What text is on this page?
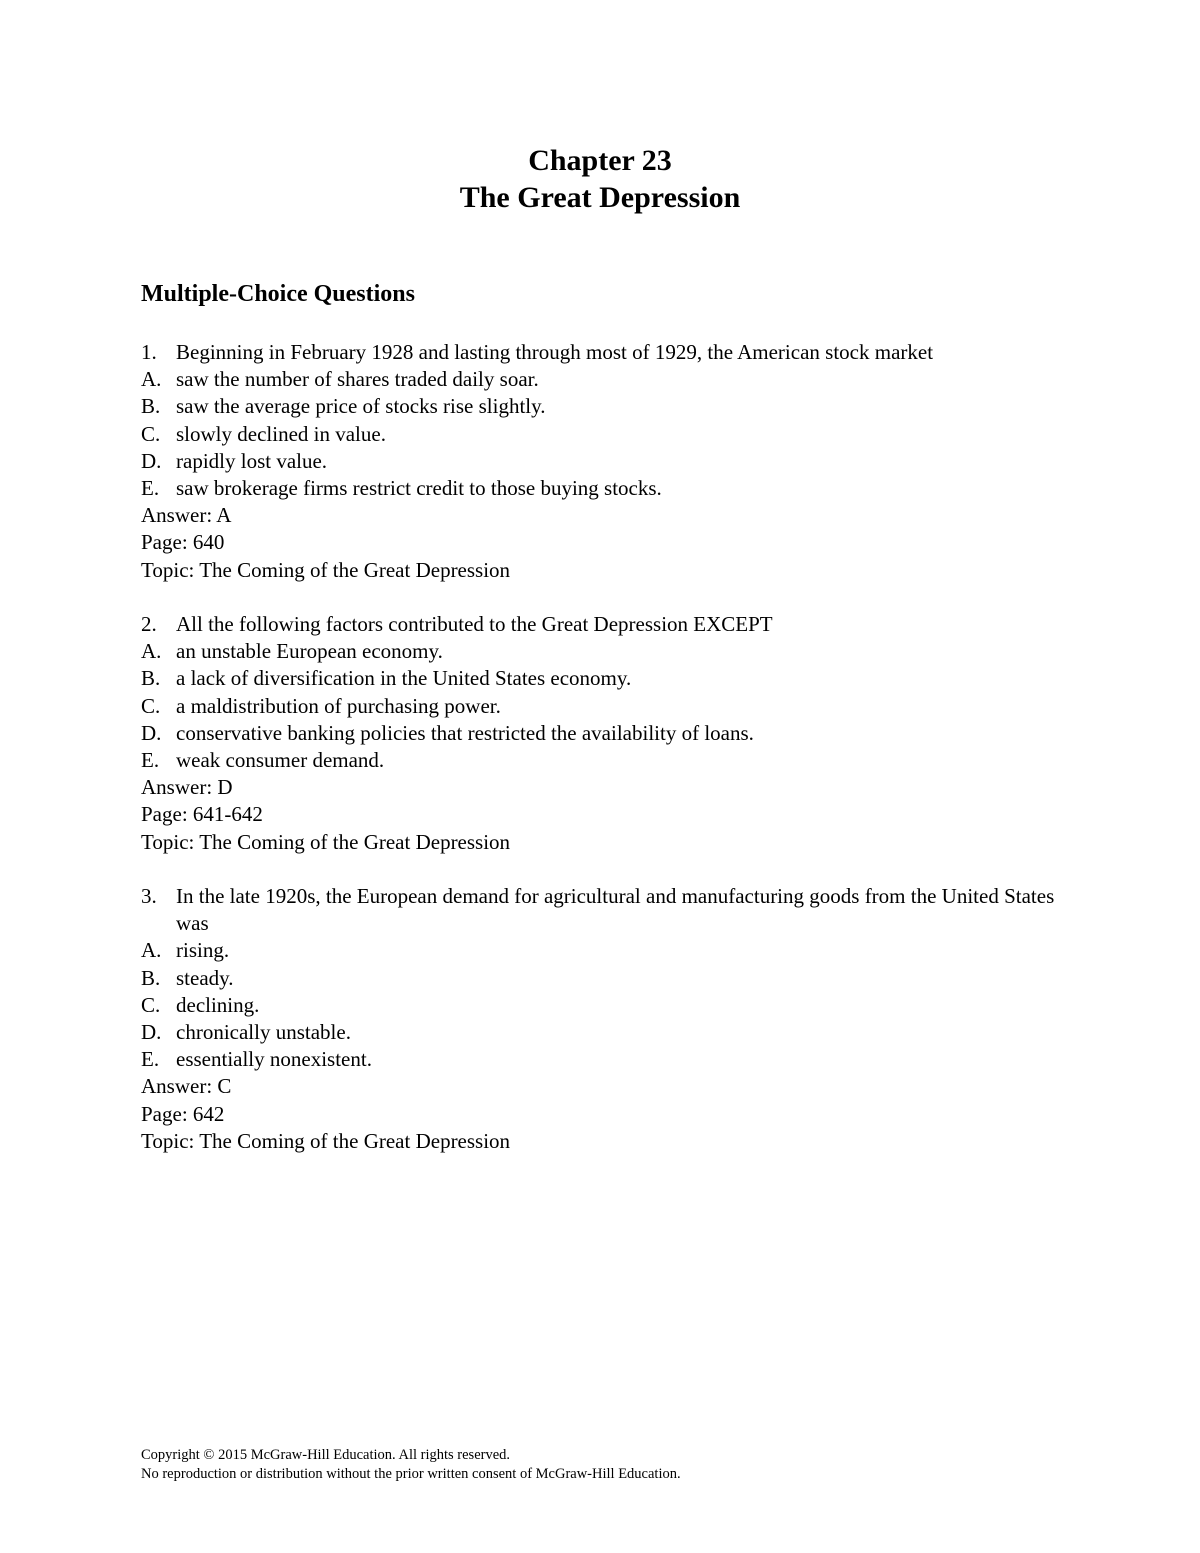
Chapter 23
The Great Depression
Multiple-Choice Questions
1. Beginning in February 1928 and lasting through most of 1929, the American stock market
A. saw the number of shares traded daily soar.
B. saw the average price of stocks rise slightly.
C. slowly declined in value.
D. rapidly lost value.
E. saw brokerage firms restrict credit to those buying stocks.
Answer: A
Page: 640
Topic: The Coming of the Great Depression
2. All the following factors contributed to the Great Depression EXCEPT
A. an unstable European economy.
B. a lack of diversification in the United States economy.
C. a maldistribution of purchasing power.
D. conservative banking policies that restricted the availability of loans.
E. weak consumer demand.
Answer: D
Page: 641-642
Topic: The Coming of the Great Depression
3. In the late 1920s, the European demand for agricultural and manufacturing goods from the United States was
A. rising.
B. steady.
C. declining.
D. chronically unstable.
E. essentially nonexistent.
Answer: C
Page: 642
Topic: The Coming of the Great Depression
Copyright © 2015 McGraw-Hill Education. All rights reserved.
No reproduction or distribution without the prior written consent of McGraw-Hill Education.
